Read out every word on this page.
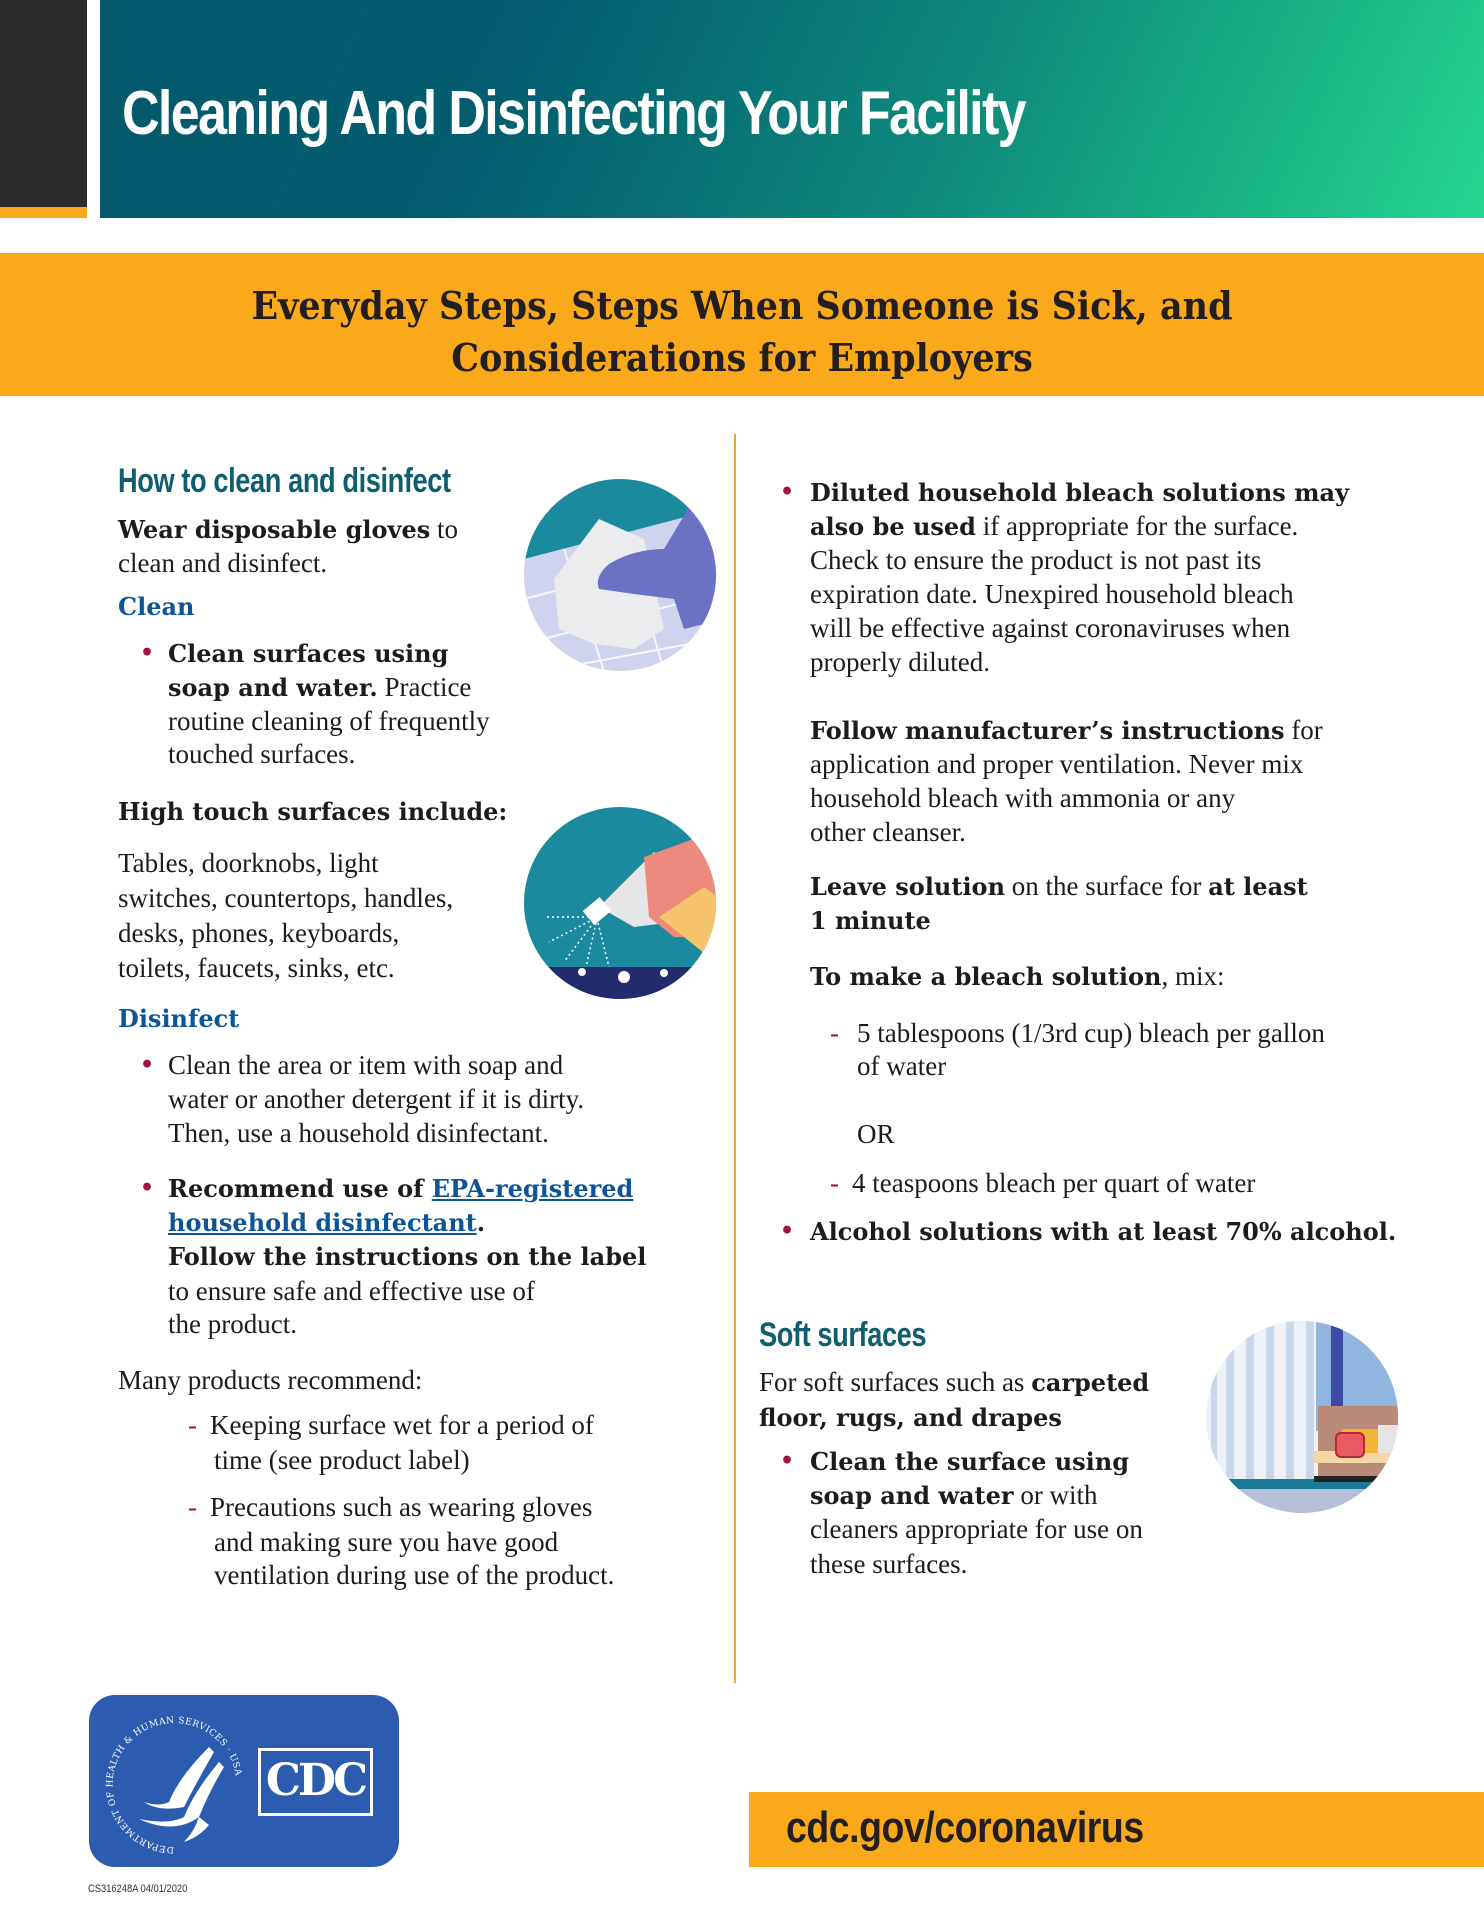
Cleaning And Disinfecting Your Facility
Everyday Steps, Steps When Someone is Sick, and
Considerations for Employers
How to clean and disinfect
Wear disposable gloves to
clean and disinfect.
Clean
• Clean surfaces using
soap and water. Practice
routine cleaning of frequently
touched surfaces.
High touch surfaces include:
Tables, doorknobs, light
switches, countertops, handles,
desks, phones, keyboards,
toilets, faucets, sinks, etc.
Disinfect
• Clean the area or item with soap and
water or another detergent if it is dirty.
Then, use a household disinfectant.
• Recommend use of EPA-registered
household disinfectant.
Follow the instructions on the label
to ensure safe and effective use of
the product.
Many products recommend:
- Keeping surface wet for a period of
time (see product label)
- Precautions such as wearing gloves
and making sure you have good
ventilation during use of the product.
• Diluted household bleach solutions may
also be used if appropriate for the surface.
Check to ensure the product is not past its
expiration date. Unexpired household bleach
will be effective against coronaviruses when
properly diluted.
Follow manufacturer’s instructions for
application and proper ventilation. Never mix
household bleach with ammonia or any
other cleanser.
Leave solution on the surface for at least
1 minute
To make a bleach solution, mix:
- 5 tablespoons (1/3rd cup) bleach per gallon
of water
OR
- 4 teaspoons bleach per quart of water
• Alcohol solutions with at least 70% alcohol.
Soft surfaces
For soft surfaces such as carpeted
floor, rugs, and drapes
• Clean the surface using
soap and water or with
cleaners appropriate for use on
these surfaces.
DEPARTMENT OF HEALTH & HUMAN SERVICES · USA CDC
CS316248A 04/01/2020
cdc.gov/coronavirus
